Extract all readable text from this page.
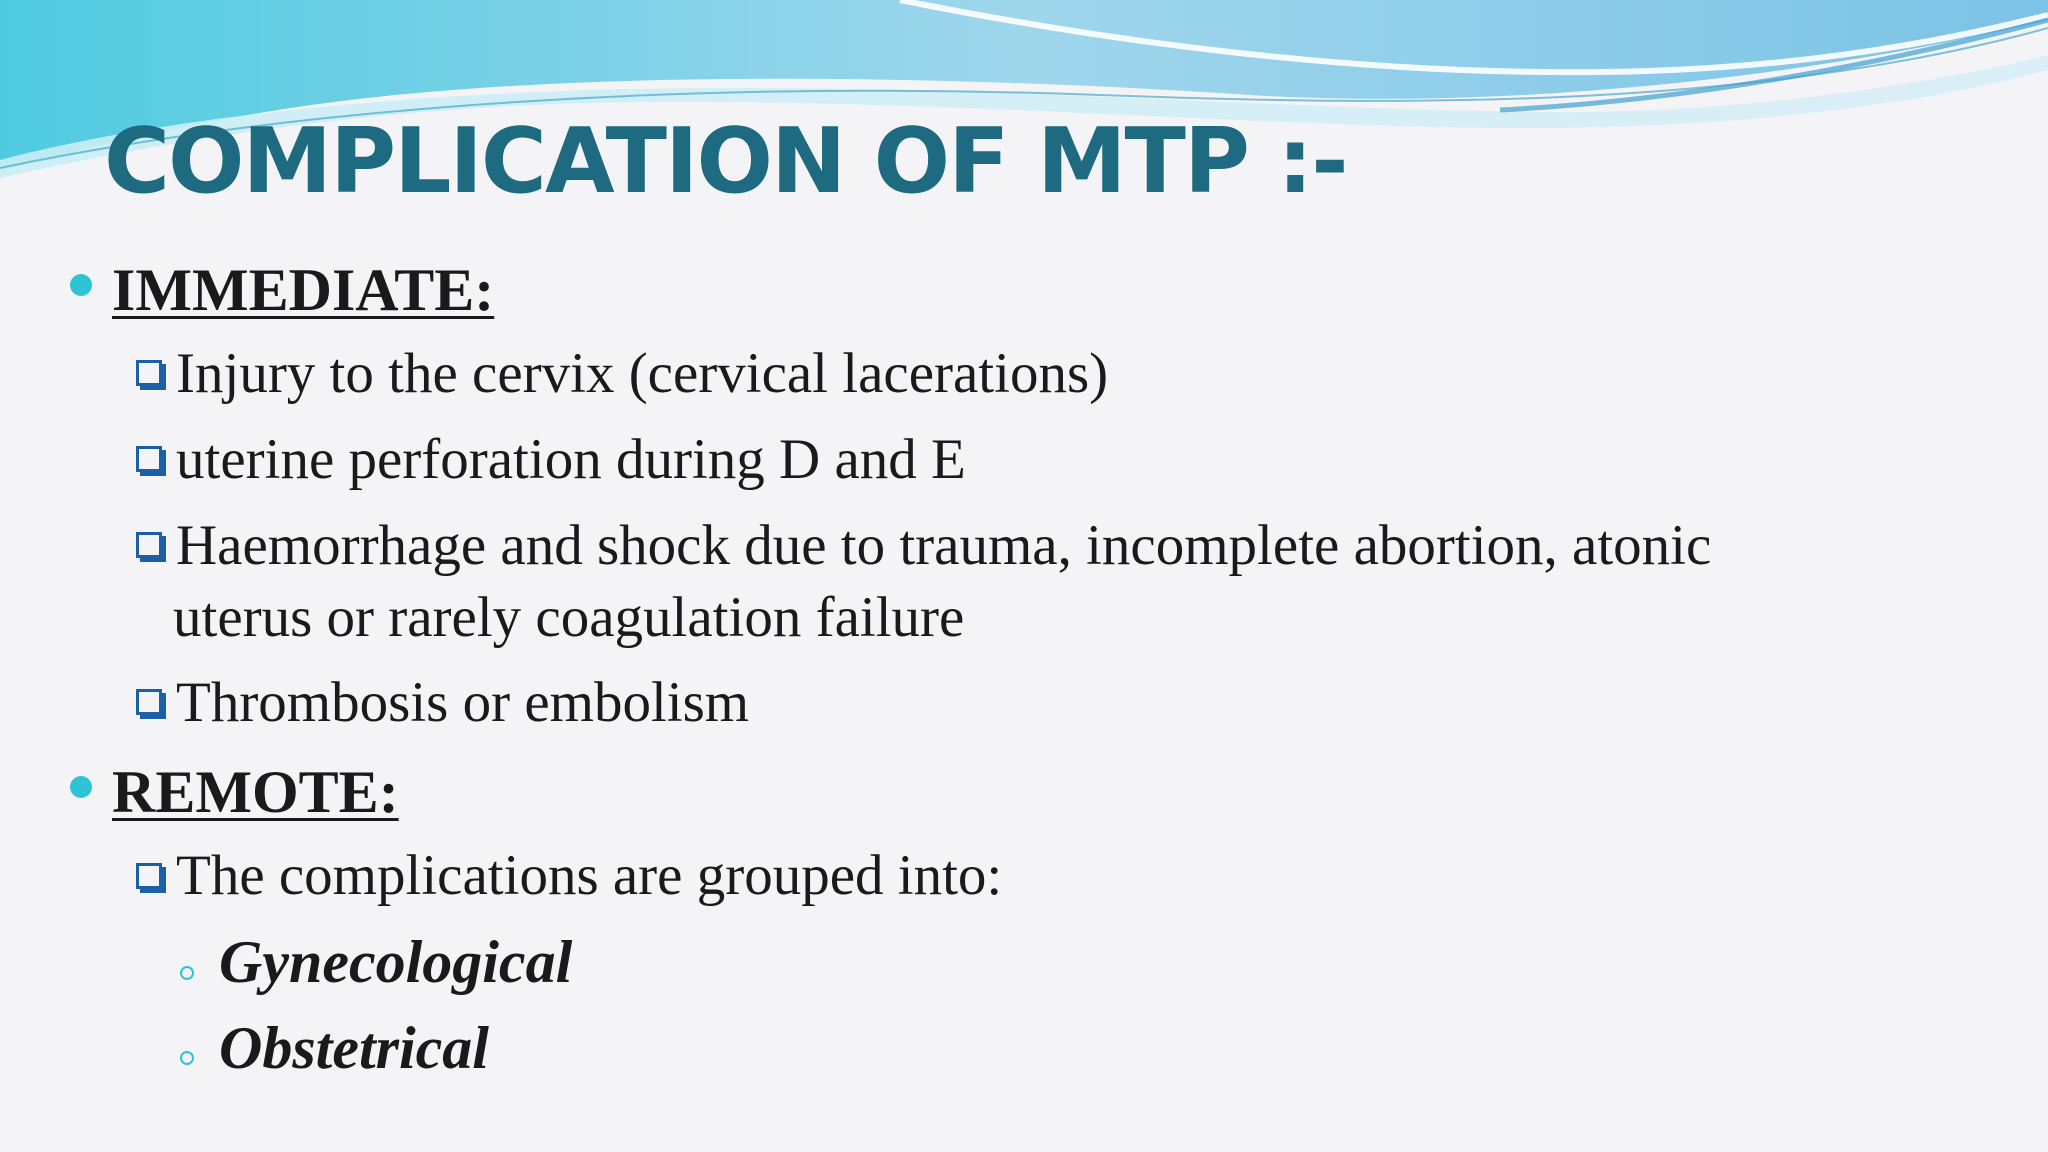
COMPLICATION OF MTP :-
IMMEDIATE:
Injury to the cervix (cervical lacerations)
uterine perforation during D and E
Haemorrhage and shock due to trauma, incomplete abortion, atonic
uterus or rarely coagulation failure
Thrombosis or embolism
REMOTE:
The complications are grouped into:
Gynecological
Obstetrical
